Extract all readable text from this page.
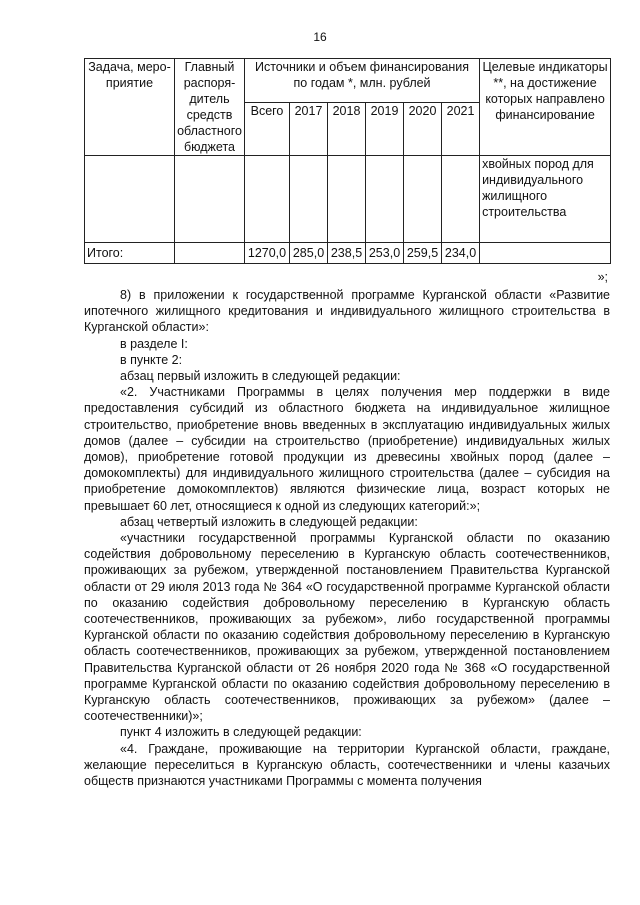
16
Задача, меро-приятие	Главный распоря-дитель средств областного бюджета	Источники и объем финансирования по годам *, млн. рублей						Целевые индикаторы **, на достижение которых направлено финансирование
		Всего	2017	2018	2019	2020	2021	
								хвойных пород для индивидуального жилищного строительства
Итого:		1270,0	285,0	238,5	253,0	259,5	234,0	
»;

8) в приложении к государственной программе Курганской области «Развитие ипотечного жилищного кредитования и индивидуального жилищного строительства в Курганской области»:

в разделе I:

в пункте 2:

абзац первый изложить в следующей редакции:

«2. Участниками Программы в целях получения мер поддержки в виде предоставления субсидий из областного бюджета на индивидуальное жилищное строительство, приобретение вновь введенных в эксплуатацию индивидуальных жилых домов (далее – субсидии на строительство (приобретение) индивидуальных жилых домов), приобретение готовой продукции из древесины хвойных пород (далее – домокомплекты) для индивидуального жилищного строительства (далее – субсидия на приобретение домокомплектов) являются физические лица, возраст которых не превышает 60 лет, относящиеся к одной из следующих категорий:»;

абзац четвертый изложить в следующей редакции:

«участники государственной программы Курганской области по оказанию содействия добровольному переселению в Курганскую область соотечественников, проживающих за рубежом, утвержденной постановлением Правительства Курганской области от 29 июля 2013 года № 364 «О государственной программе Курганской области по оказанию содействия добровольному переселению в Курганскую область соотечественников, проживающих за рубежом», либо государственной программы Курганской области по оказанию содействия добровольному переселению в Курганскую область соотечественников, проживающих за рубежом, утвержденной постановлением Правительства Курганской области от 26 ноября 2020 года № 368 «О государственной программе Курганской области по оказанию содействия добровольному переселению в Курганскую область соотечественников, проживающих за рубежом» (далее – соотечественники)»;

пункт 4 изложить в следующей редакции:

«4. Граждане, проживающие на территории Курганской области, граждане, желающие переселиться в Курганскую область, соотечественники и члены казачьих обществ признаются участниками Программы с момента получения
